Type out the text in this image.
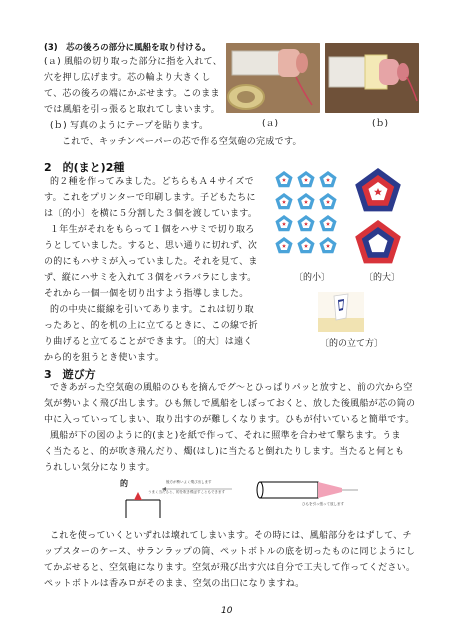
(3)　芯の後ろの部分に風船を取り付ける。
(ａ) 風船の切り取った部分に指を入れて、
穴を押し広げます。芯の輪より大きくし
て、芯の後ろの端にかぶせます。このまま
では風船を引っ張ると取れてしまいます。
(ｂ) 写真のようにテープを貼ります。
これで、キッチンペーパーの芯で作る空気砲の完成です。
(ａ)	(ｂ)
2　的(まと)2種
的２種を作ってみました。どちらもＡ４サイズで
す。これをプリンターで印刷します。子どもたちに
は〔的小〕を横に５分割した３個を渡しています。
１年生がそれをもらって１個をハサミで切り取ろ
うとしていました。すると、思い通りに切れず、次
の的にもハサミが入っていました。それを見て、ま
ず、縦にハサミを入れて３個をバラバラにします。
それから一個一個を切り出すよう指導しました。
的の中央に縦線を引いてあります。これは切り取
ったあと、的を机の上に立てるときに、この線で折
り曲げると立てることができます。〔的大〕は遠く
から的を狙うとき使います。
〔的小〕	〔的大〕
〔的の立て方〕
3　遊び方
できあがった空気砲の風船のひもを摘んでグ～とひっぱりパッと放すと、前の穴から空
気が勢いよく飛び出します。ひも無しで風船をしぼっておくと、放した後風船が芯の筒の
中に入っていってしまい、取り出すのが難しくなります。ひもが付いていると簡単です。
風船が下の図のように的(まと)を紙で作って、それに照準を合わせて撃ちます。うま
く当たると、的が吹き飛んだり、燭(はし)に当たると倒れたりします。当たると何とも
うれしい気分になります。
的	後方が勢いよく飛び出します
うまく当たると、的を吹き飛ばすこともできます
ひもを引っ張って放します
これを使っていくといずれは壊れてしまいます。その時には、風船部分をはずして、チ
ップスターのケース、サランラップの筒、ペットボトルの底を切ったものに同じようにし
てかぶせると、空気砲になります。空気が飛び出す穴は自分で工夫して作ってください。
ペットボトルは香みロがそのまま、空気の出口になりますね。
10
